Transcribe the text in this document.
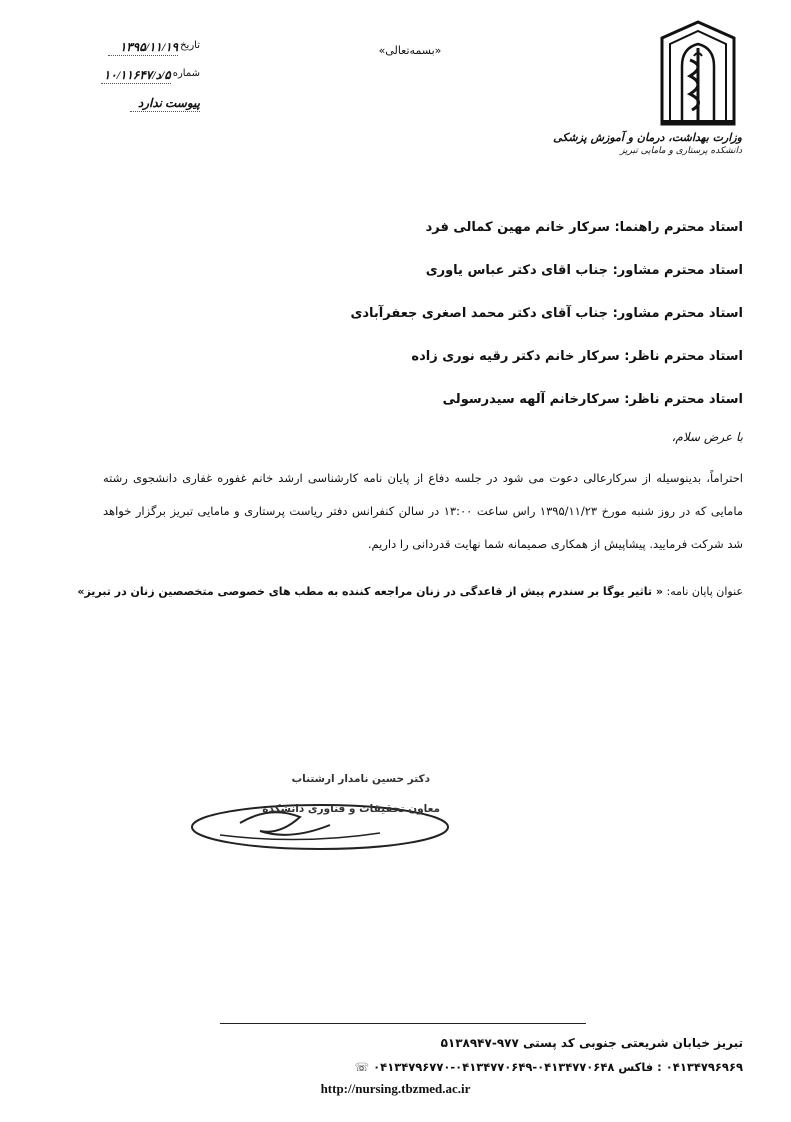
وزارت بهداشت، درمان و آموزش پزشکی
دانشکده پرستاری و مامایی تبریز
«بسمه‌تعالی»
تاریخ
۱۳۹۵/۱۱/۱۹
شماره
۵/د/۱۰/۱۱۶۴۷
پیوست ندارد
استاد محترم راهنما: سرکار خانم مهین کمالی فرد
استاد محترم مشاور: جناب اقای دکتر عباس یاوری
استاد محترم مشاور: جناب آقای دکتر محمد اصغری جعفرآبادی
استاد محترم ناظر: سرکار خانم دکتر رقیه نوری زاده
استاد محترم ناظر: سرکارخانم آلهه سیدرسولی
با عرض سلام،
احتراماً، بدینوسیله از سرکارعالی دعوت می شود در جلسه دفاع از پایان نامه کارشناسی ارشد خانم غفوره غفاری دانشجوی رشته مامایی که در روز شنبه مورخ ۱۳۹۵/۱۱/۲۳ راس ساعت ۱۳:۰۰ در سالن کنفرانس دفتر ریاست پرستاری و مامایی تبریز برگزار خواهد شد شرکت فرمایید. پیشاپیش از همکاری صمیمانه شما نهایت قدردانی را داریم.
عنوان پایان نامه: « تاثیر یوگا بر سندرم پیش از قاعدگی در زنان مراجعه کننده به مطب های خصوصی متخصصین زنان در تبریز»
دکتر حسین نامدار ارشتناب
معاون تحقیقات و فناوری دانشکده
تبریز خیابان شریعتی جنوبی کد پستی ۹۷۷-۵۱۳۸۹۴۷
۰۴۱۳۴۷۹۶۹۶۹ : فاکس ۰۴۱۳۴۷۷۰۶۴۸-۰۴۱۳۴۷۷۰۶۴۹-۰۴۱۳۴۷۹۶۷۷۰ ☏
http://nursing.tbzmed.ac.ir
